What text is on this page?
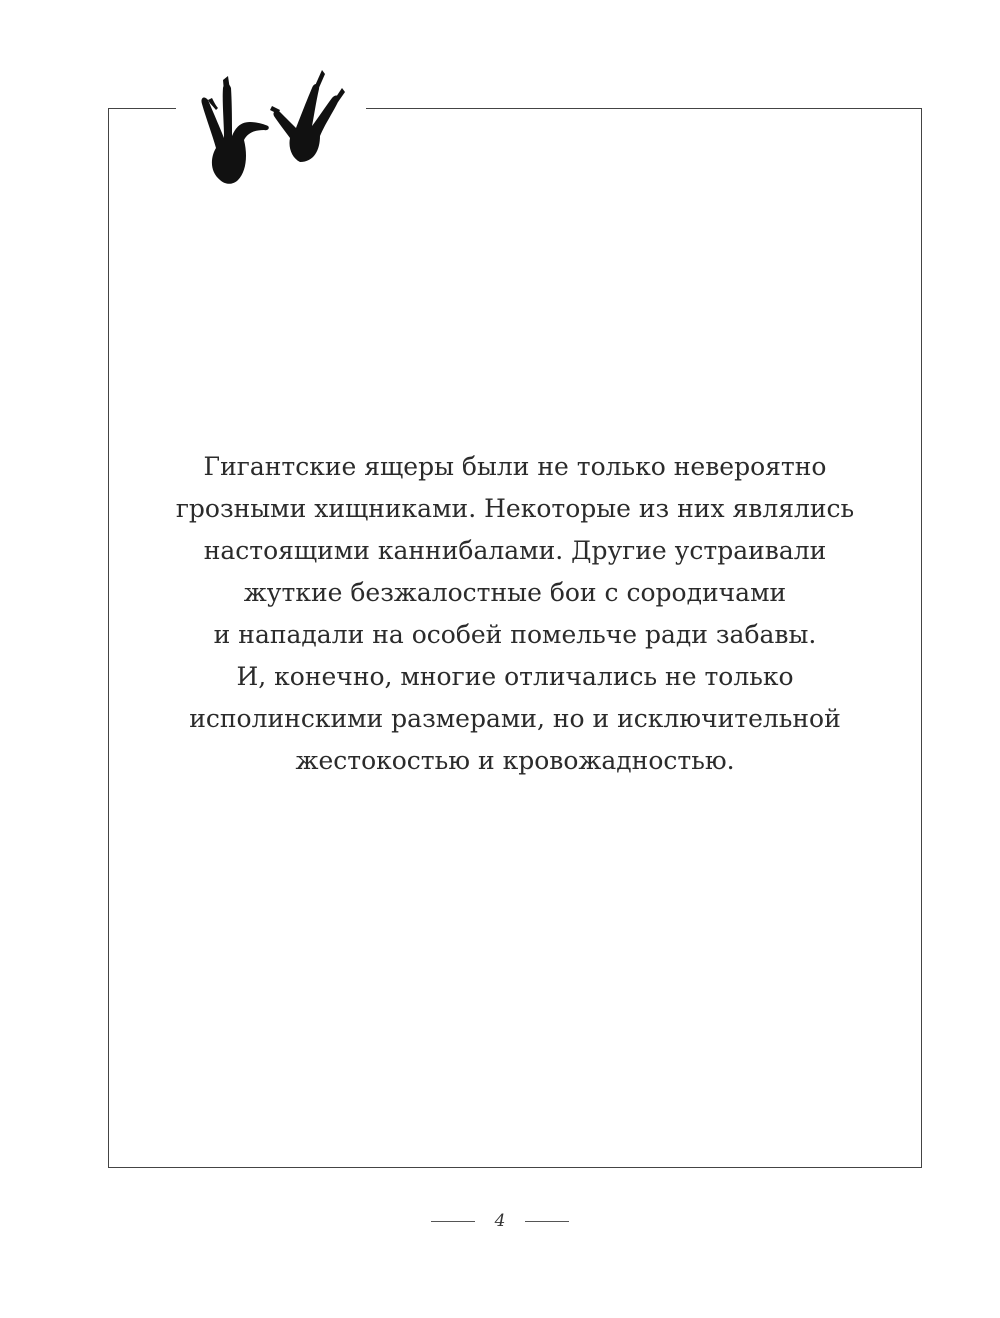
Гигантские ящеры были не только невероятно
грозными хищниками. Некоторые из них являлись
настоящими каннибалами. Другие устраивали
жуткие безжалостные бои с сородичами
и нападали на особей помельче ради забавы.
И, конечно, многие отличались не только
исполинскими размерами, но и исключительной
жестокостью и кровожадностью.

4
